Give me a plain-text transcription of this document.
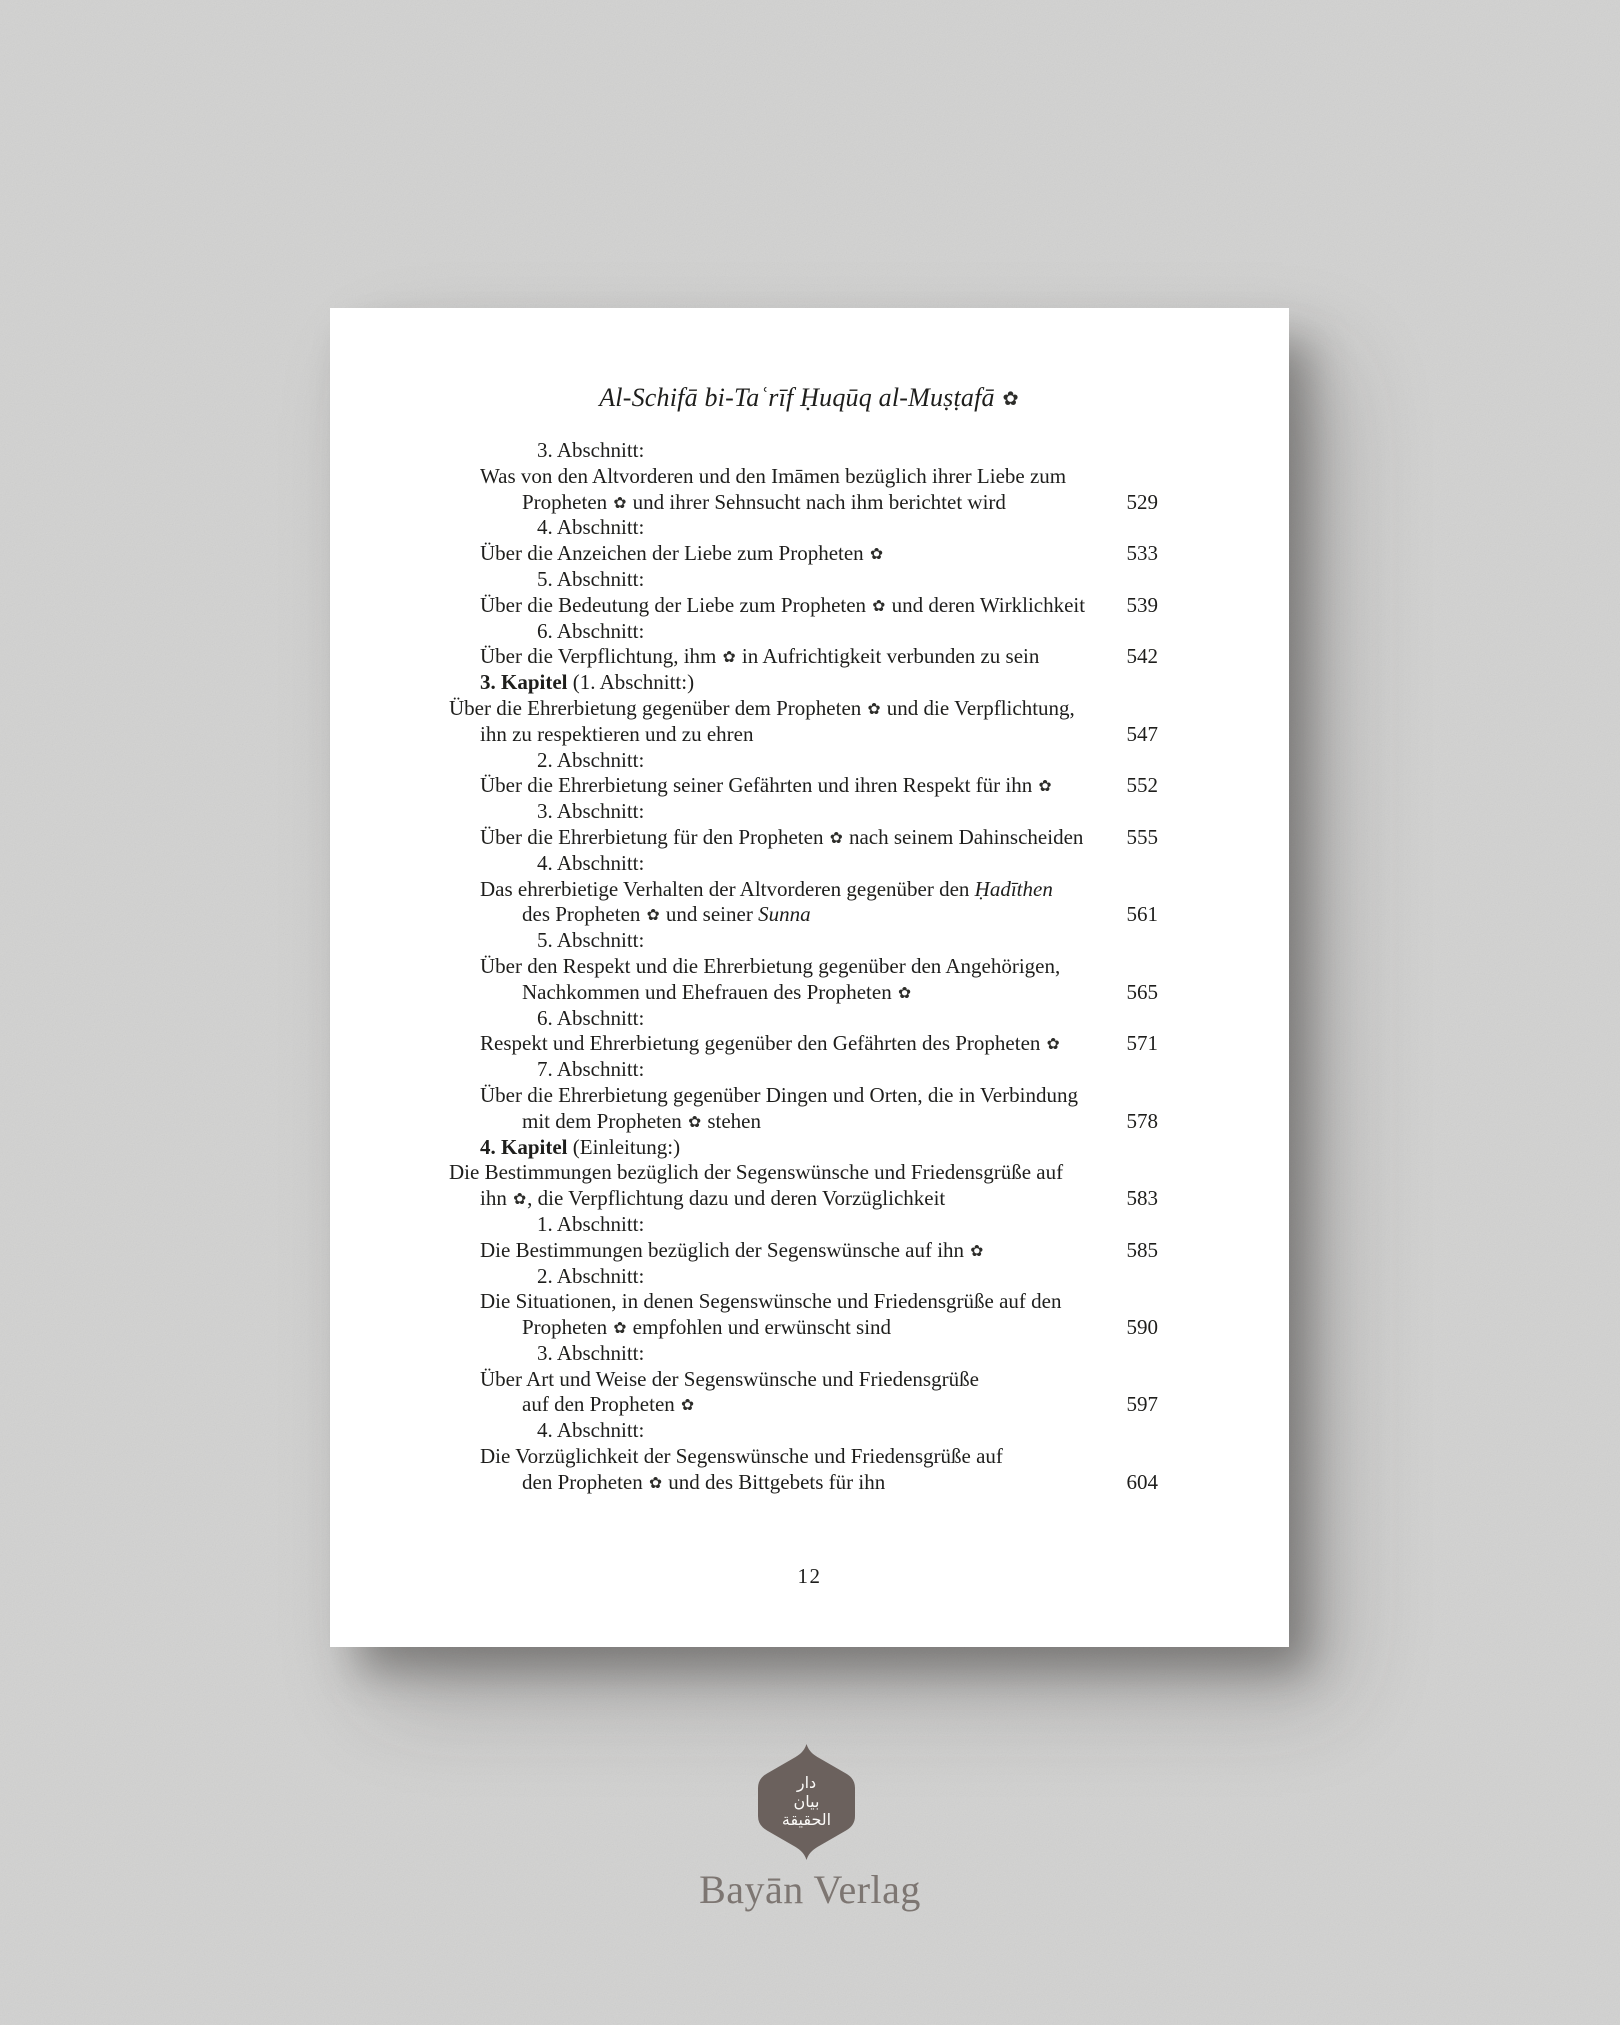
Al-Schifā bi-Taʿrīf Ḥuqūq al-Muṣṭafā ✿
3. Abschnitt:
Was von den Altvorderen und den Imāmen bezüglich ihrer Liebe zum
Propheten ✿ und ihrer Sehnsucht nach ihm berichtet wird	529
4. Abschnitt:
Über die Anzeichen der Liebe zum Propheten ✿	533
5. Abschnitt:
Über die Bedeutung der Liebe zum Propheten ✿ und deren Wirklichkeit	539
6. Abschnitt:
Über die Verpflichtung, ihm ✿ in Aufrichtigkeit verbunden zu sein	542
3. Kapitel (1. Abschnitt:)
Über die Ehrerbietung gegenüber dem Propheten ✿ und die Verpflichtung,
ihn zu respektieren und zu ehren	547
2. Abschnitt:
Über die Ehrerbietung seiner Gefährten und ihren Respekt für ihn ✿	552
3. Abschnitt:
Über die Ehrerbietung für den Propheten ✿ nach seinem Dahinscheiden	555
4. Abschnitt:
Das ehrerbietige Verhalten der Altvorderen gegenüber den Ḥadīthen
des Propheten ✿ und seiner Sunna	561
5. Abschnitt:
Über den Respekt und die Ehrerbietung gegenüber den Angehörigen,
Nachkommen und Ehefrauen des Propheten ✿	565
6. Abschnitt:
Respekt und Ehrerbietung gegenüber den Gefährten des Propheten ✿	571
7. Abschnitt:
Über die Ehrerbietung gegenüber Dingen und Orten, die in Verbindung
mit dem Propheten ✿ stehen	578
4. Kapitel (Einleitung:)
Die Bestimmungen bezüglich der Segenswünsche und Friedensgrüße auf
ihn ✿, die Verpflichtung dazu und deren Vorzüglichkeit	583
1. Abschnitt:
Die Bestimmungen bezüglich der Segenswünsche auf ihn ✿	585
2. Abschnitt:
Die Situationen, in denen Segenswünsche und Friedensgrüße auf den
Propheten ✿ empfohlen und erwünscht sind	590
3. Abschnitt:
Über Art und Weise der Segenswünsche und Friedensgrüße
auf den Propheten ✿	597
4. Abschnitt:
Die Vorzüglichkeit der Segenswünsche und Friedensgrüße auf
den Propheten ✿ und des Bittgebets für ihn	604
12
دار
بيان
الحقيقة
Bayān Verlag
